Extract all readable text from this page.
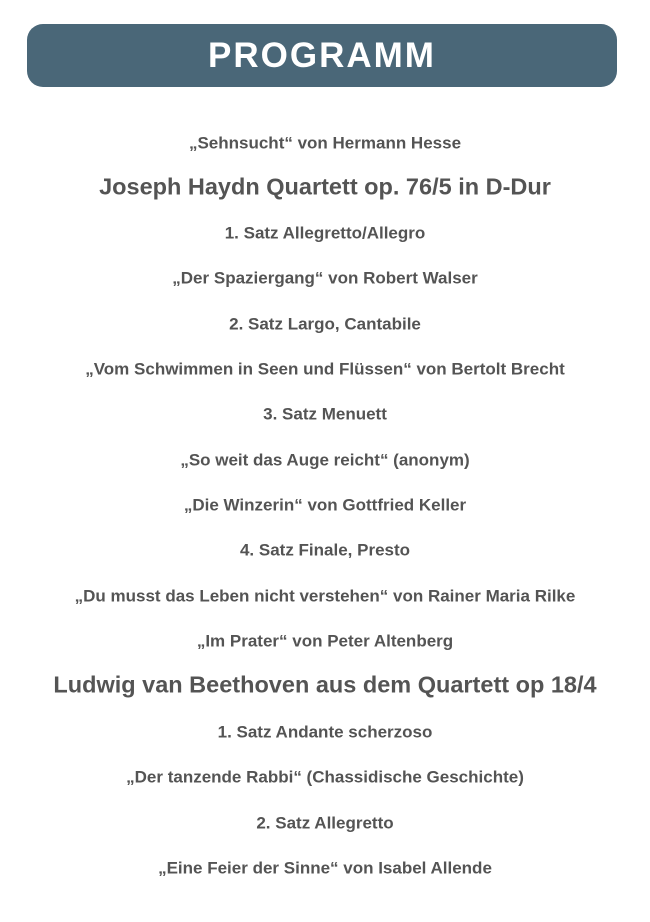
PROGRAMM
„Sehnsucht“ von Hermann Hesse
Joseph Haydn Quartett op. 76/5 in D-Dur
1. Satz Allegretto/Allegro
„Der Spaziergang“ von Robert Walser
2. Satz Largo, Cantabile
„Vom Schwimmen in Seen und Flüssen“ von Bertolt Brecht
3. Satz Menuett
„So weit das Auge reicht“ (anonym)
„Die Winzerin“ von Gottfried Keller
4. Satz Finale, Presto
„Du musst das Leben nicht verstehen“ von Rainer Maria Rilke
„Im Prater“ von Peter Altenberg
Ludwig van Beethoven aus dem Quartett op 18/4
1. Satz Andante scherzoso
„Der tanzende Rabbi“ (Chassidische Geschichte)
2. Satz Allegretto
„Eine Feier der Sinne“ von Isabel Allende
